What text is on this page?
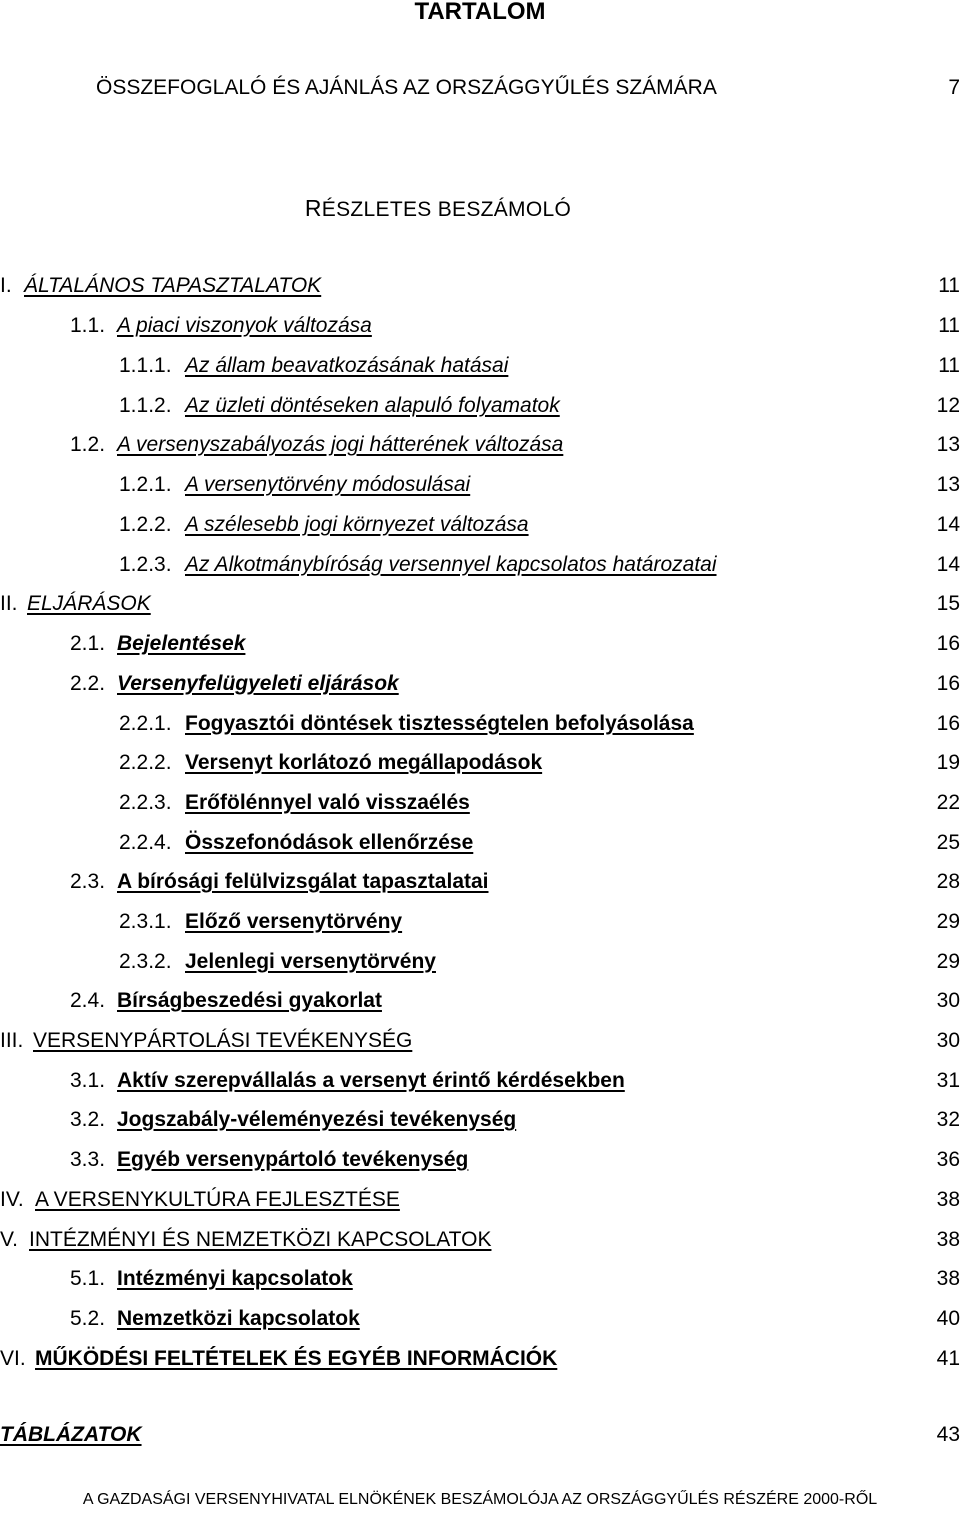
TARTALOM
ÖSSZEFOGLALÓ ÉS AJÁNLÁS AZ ORSZÁGGYŰLÉS SZÁMÁRA	7
RÉSZLETES BESZÁMOLÓ
I. ÁLTALÁNOS TAPASZTALATOK	11
1.1. A piaci viszonyok változása	11
1.1.1. Az állam beavatkozásának hatásai	11
1.1.2. Az üzleti döntéseken alapuló folyamatok	12
1.2. A versenyszabályozás jogi hátterének változása	13
1.2.1. A versenytörvény módosulásai	13
1.2.2. A szélesebb jogi környezet változása	14
1.2.3. Az Alkotmánybíróság versennyel kapcsolatos határozatai	14
II. ELJÁRÁSOK	15
2.1. Bejelentések	16
2.2. Versenyfelügyeleti eljárások	16
2.2.1. Fogyasztói döntések tisztességtelen befolyásolása	16
2.2.2. Versenyt korlátozó megállapodások	19
2.2.3. Erőfölénnyel való visszaélés	22
2.2.4. Összefonódások ellenőrzése	25
2.3. A bírósági felülvizsgálat tapasztalatai	28
2.3.1. Előző versenytörvény	29
2.3.2. Jelenlegi versenytörvény	29
2.4. Bírságbeszedési gyakorlat	30
III. VERSENYPÁRTOLÁSI TEVÉKENYSÉG	30
3.1. Aktív szerepvállalás a versenyt érintő kérdésekben	31
3.2. Jogszabály-véleményezési tevékenység	32
3.3. Egyéb versenypártoló tevékenység	36
IV. A VERSENYKULTÚRA FEJLESZTÉSE	38
V. INTÉZMÉNYI ÉS NEMZETKÖZI KAPCSOLATOK	38
5.1. Intézményi kapcsolatok	38
5.2. Nemzetközi kapcsolatok	40
VI. MŰKÖDÉSI FELTÉTELEK ÉS EGYÉB INFORMÁCIÓK	41
TÁBLÁZATOK	43
A GAZDASÁGI VERSENYHIVATAL ELNÖKÉNEK BESZÁMOLÓJA AZ ORSZÁGGYŰLÉS RÉSZÉRE 2000-RŐL
